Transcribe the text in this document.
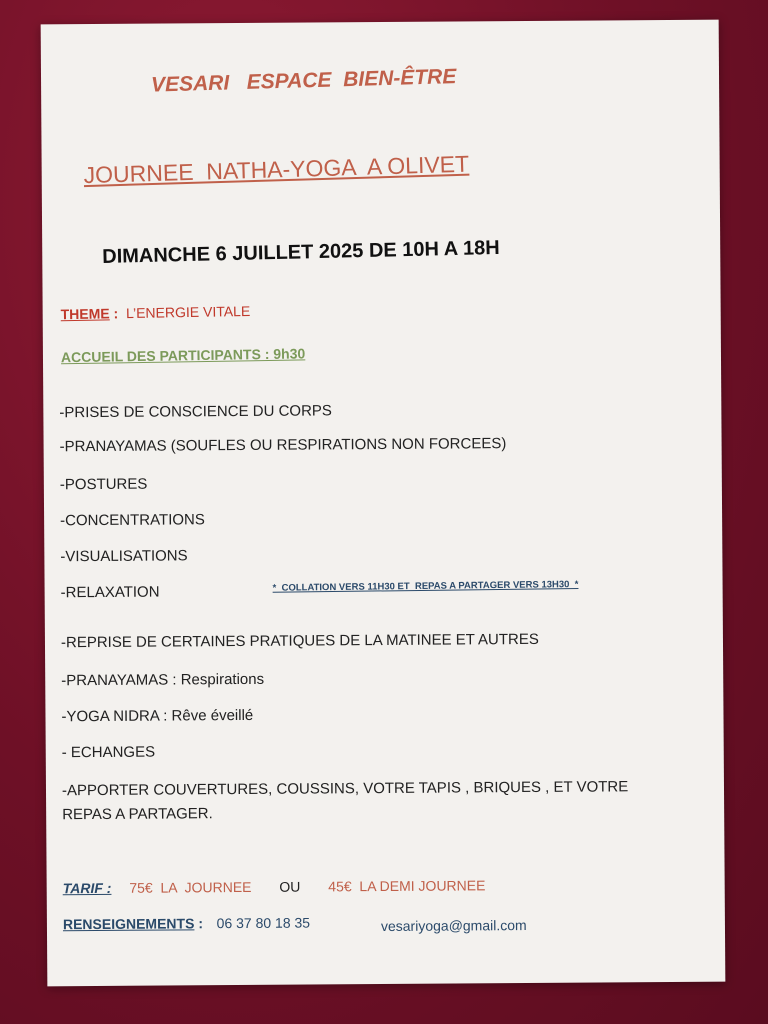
VESARI   ESPACE  BIEN-ÊTRE
JOURNEE  NATHA-YOGA  A OLIVET
DIMANCHE 6 JUILLET 2025 DE 10H A 18H
THEME :  L’ENERGIE VITALE
ACCUEIL DES PARTICIPANTS : 9h30
-PRISES DE CONSCIENCE DU CORPS
-PRANAYAMAS (SOUFLES OU RESPIRATIONS NON FORCEES)
-POSTURES
-CONCENTRATIONS
-VISUALISATIONS
-RELAXATION	*  COLLATION VERS 11H30 ET  REPAS A PARTAGER VERS 13H30  *
-REPRISE DE CERTAINES PRATIQUES DE LA MATINEE ET AUTRES
-PRANAYAMAS : Respirations
-YOGA NIDRA : Rêve éveillé
- ECHANGES
-APPORTER COUVERTURES, COUSSINS, VOTRE TAPIS , BRIQUES , ET VOTRE
REPAS A PARTAGER.
TARIF : 75€  LA  JOURNEE OU 45€  LA DEMI JOURNEE
RENSEIGNEMENTS :   06 37 80 18 35	vesariyoga@gmail.com
